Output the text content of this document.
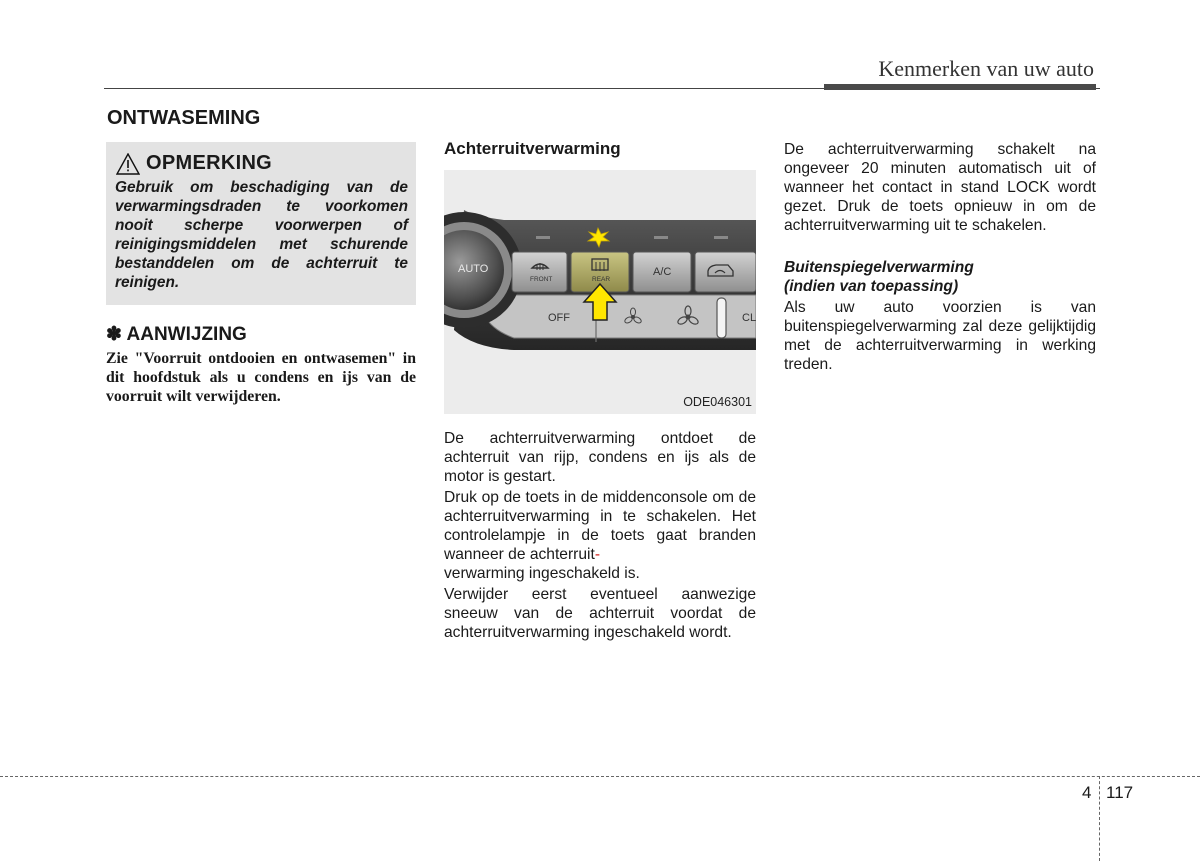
Kenmerken van uw auto
ONTWASEMING
OPMERKING
Gebruik om beschadiging van de verwarmingsdraden te voorkomen nooit scherpe voorwerpen of reinigingsmiddelen met schurende bestanddelen om de achterruit te reinigen.
✽ AANWIJZING
Zie "Voorruit ontdooien en ontwasemen" in dit hoofdstuk als u condens en ijs van de voorruit wilt verwijderen.
Achterruitverwarming
AUTO
FRONT	REAR
A/C
OFF	CL
ODE046301

De achterruitverwarming ontdoet de achterruit van rijp, condens en ijs als de motor is gestart.

Druk op de toets in de middenconsole om de achterruitverwarming in te schakelen. Het controlelampje in de toets gaat branden wanneer de achterruit-
verwarming ingeschakeld is.

Verwijder eerst eventueel aanwezige sneeuw van de achterruit voordat de achterruitverwarming ingeschakeld wordt.

De achterruitverwarming schakelt na ongeveer 20 minuten automatisch uit of wanneer het contact in stand LOCK wordt gezet. Druk de toets opnieuw in om de achterruitverwarming uit te schakelen.

Buitenspiegelverwarming
(indien van toepassing)

Als uw auto voorzien is van buitenspiegelverwarming zal deze gelijktijdig met de achterruitverwarming in werking treden.

4 117
